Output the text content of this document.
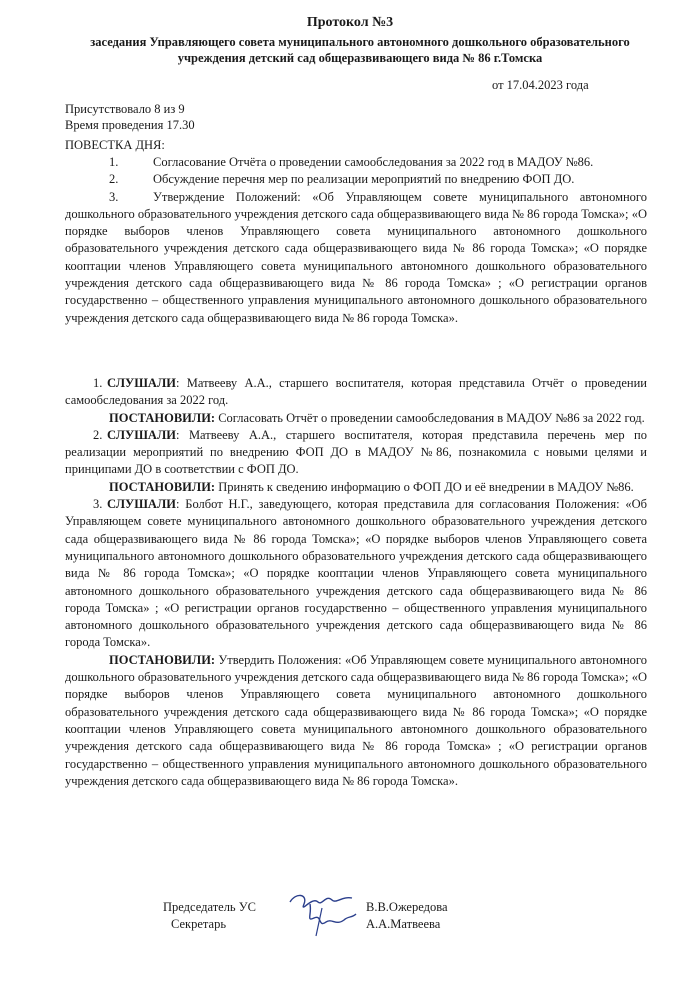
Протокол №3
заседания Управляющего совета муниципального автономного дошкольного образовательного учреждения детский сад общеразвивающего вида № 86 г.Томска
от 17.04.2023 года
Присутствовало 8 из 9
Время проведения 17.30
ПОВЕСТКА ДНЯ:

1.	Согласование Отчёта о проведении самообследования за 2022 год в МАДОУ №86.

2.	Обсуждение перечня мер по реализации мероприятий по внедрению ФОП ДО.

3.	Утверждение Положений: «Об Управляющем совете муниципального автономного дошкольного образовательного учреждения детского сада общеразвивающего вида № 86 города Томска»; «О порядке выборов членов Управляющего совета муниципального автономного дошкольного образовательного учреждения детского сада общеразвивающего вида № 86 города Томска»; «О порядке кооптации членов Управляющего совета муниципального автономного дошкольного образовательного учреждения детского сада общеразвивающего вида № 86 города Томска» ; «О регистрации органов государственно – общественного управления муниципального автономного дошкольного образовательного учреждения детского сада общеразвивающего вида № 86 города Томска».

1. СЛУШАЛИ: Матвееву А.А., старшего воспитателя, которая представила Отчёт о проведении самообследования за 2022 год.

ПОСТАНОВИЛИ: Согласовать Отчёт о проведении самообследования в МАДОУ №86 за 2022 год.

2. СЛУШАЛИ: Матвееву А.А., старшего воспитателя, которая представила перечень мер по реализации мероприятий по внедрению ФОП ДО в МАДОУ №86, познакомила с новыми целями и принципами ДО в соответствии с ФОП ДО.

ПОСТАНОВИЛИ: Принять к сведению информацию о ФОП ДО и её внедрении в МАДОУ №86.

3. СЛУШАЛИ: Болбот Н.Г., заведующего, которая представила для согласования Положения: «Об Управляющем совете муниципального автономного дошкольного образовательного учреждения детского сада общеразвивающего вида № 86 города Томска»; «О порядке выборов членов Управляющего совета муниципального автономного дошкольного образовательного учреждения детского сада общеразвивающего вида № 86 города Томска»; «О порядке кооптации членов Управляющего совета муниципального автономного дошкольного образовательного учреждения детского сада общеразвивающего вида № 86 города Томска» ; «О регистрации органов государственно – общественного управления муниципального автономного дошкольного образовательного учреждения детского сада общеразвивающего вида № 86 города Томска».

ПОСТАНОВИЛИ: Утвердить Положения: «Об Управляющем совете муниципального автономного дошкольного образовательного учреждения детского сада общеразвивающего вида № 86 города Томска»; «О порядке выборов членов Управляющего совета муниципального автономного дошкольного образовательного учреждения детского сада общеразвивающего вида № 86 города Томска»; «О порядке кооптации членов Управляющего совета муниципального автономного дошкольного образовательного учреждения детского сада общеразвивающего вида № 86 города Томска» ; «О регистрации органов государственно – общественного управления муниципального автономного дошкольного образовательного учреждения детского сада общеразвивающего вида № 86 города Томска».

Председатель УС
Секретарь
В.В.Ожередова
А.А.Матвеева
